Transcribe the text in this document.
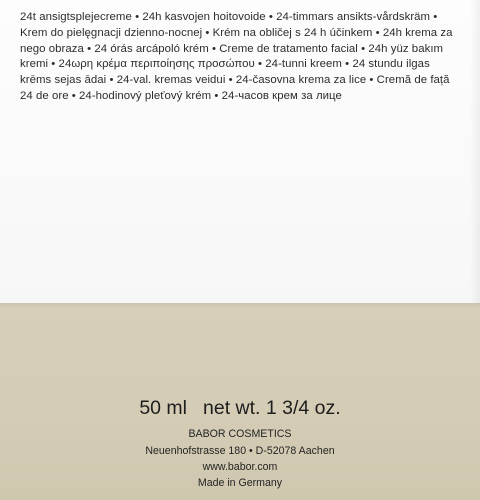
24t ansigtsplejecreme • 24h kasvojen hoitovoide • 24-timmars ansikts-vårdskräm • Krem do pielęgnacji dzienno-nocnej • Krém na obličej s 24 h účinkem • 24h krema za nego obraza • 24 órás arcápoló krém • Creme de tratamento facial • 24h yüz bakım kremi • 24ωρη κρέμα περιποίησης προσώπου • 24-tunni kreem • 24 stundu ilgas krēms sejas ādai • 24-val. kremas veidui • 24-časovna krema za lice • Cremă de față 24 de ore • 24-hodinový pleťový krém • 24-часов крем за лице

50 ml net wt. 1 3/4 oz.
BABOR COSMETICS
Neuenhofstrasse 180 • D-52078 Aachen
www.babor.com
Made in Germany
